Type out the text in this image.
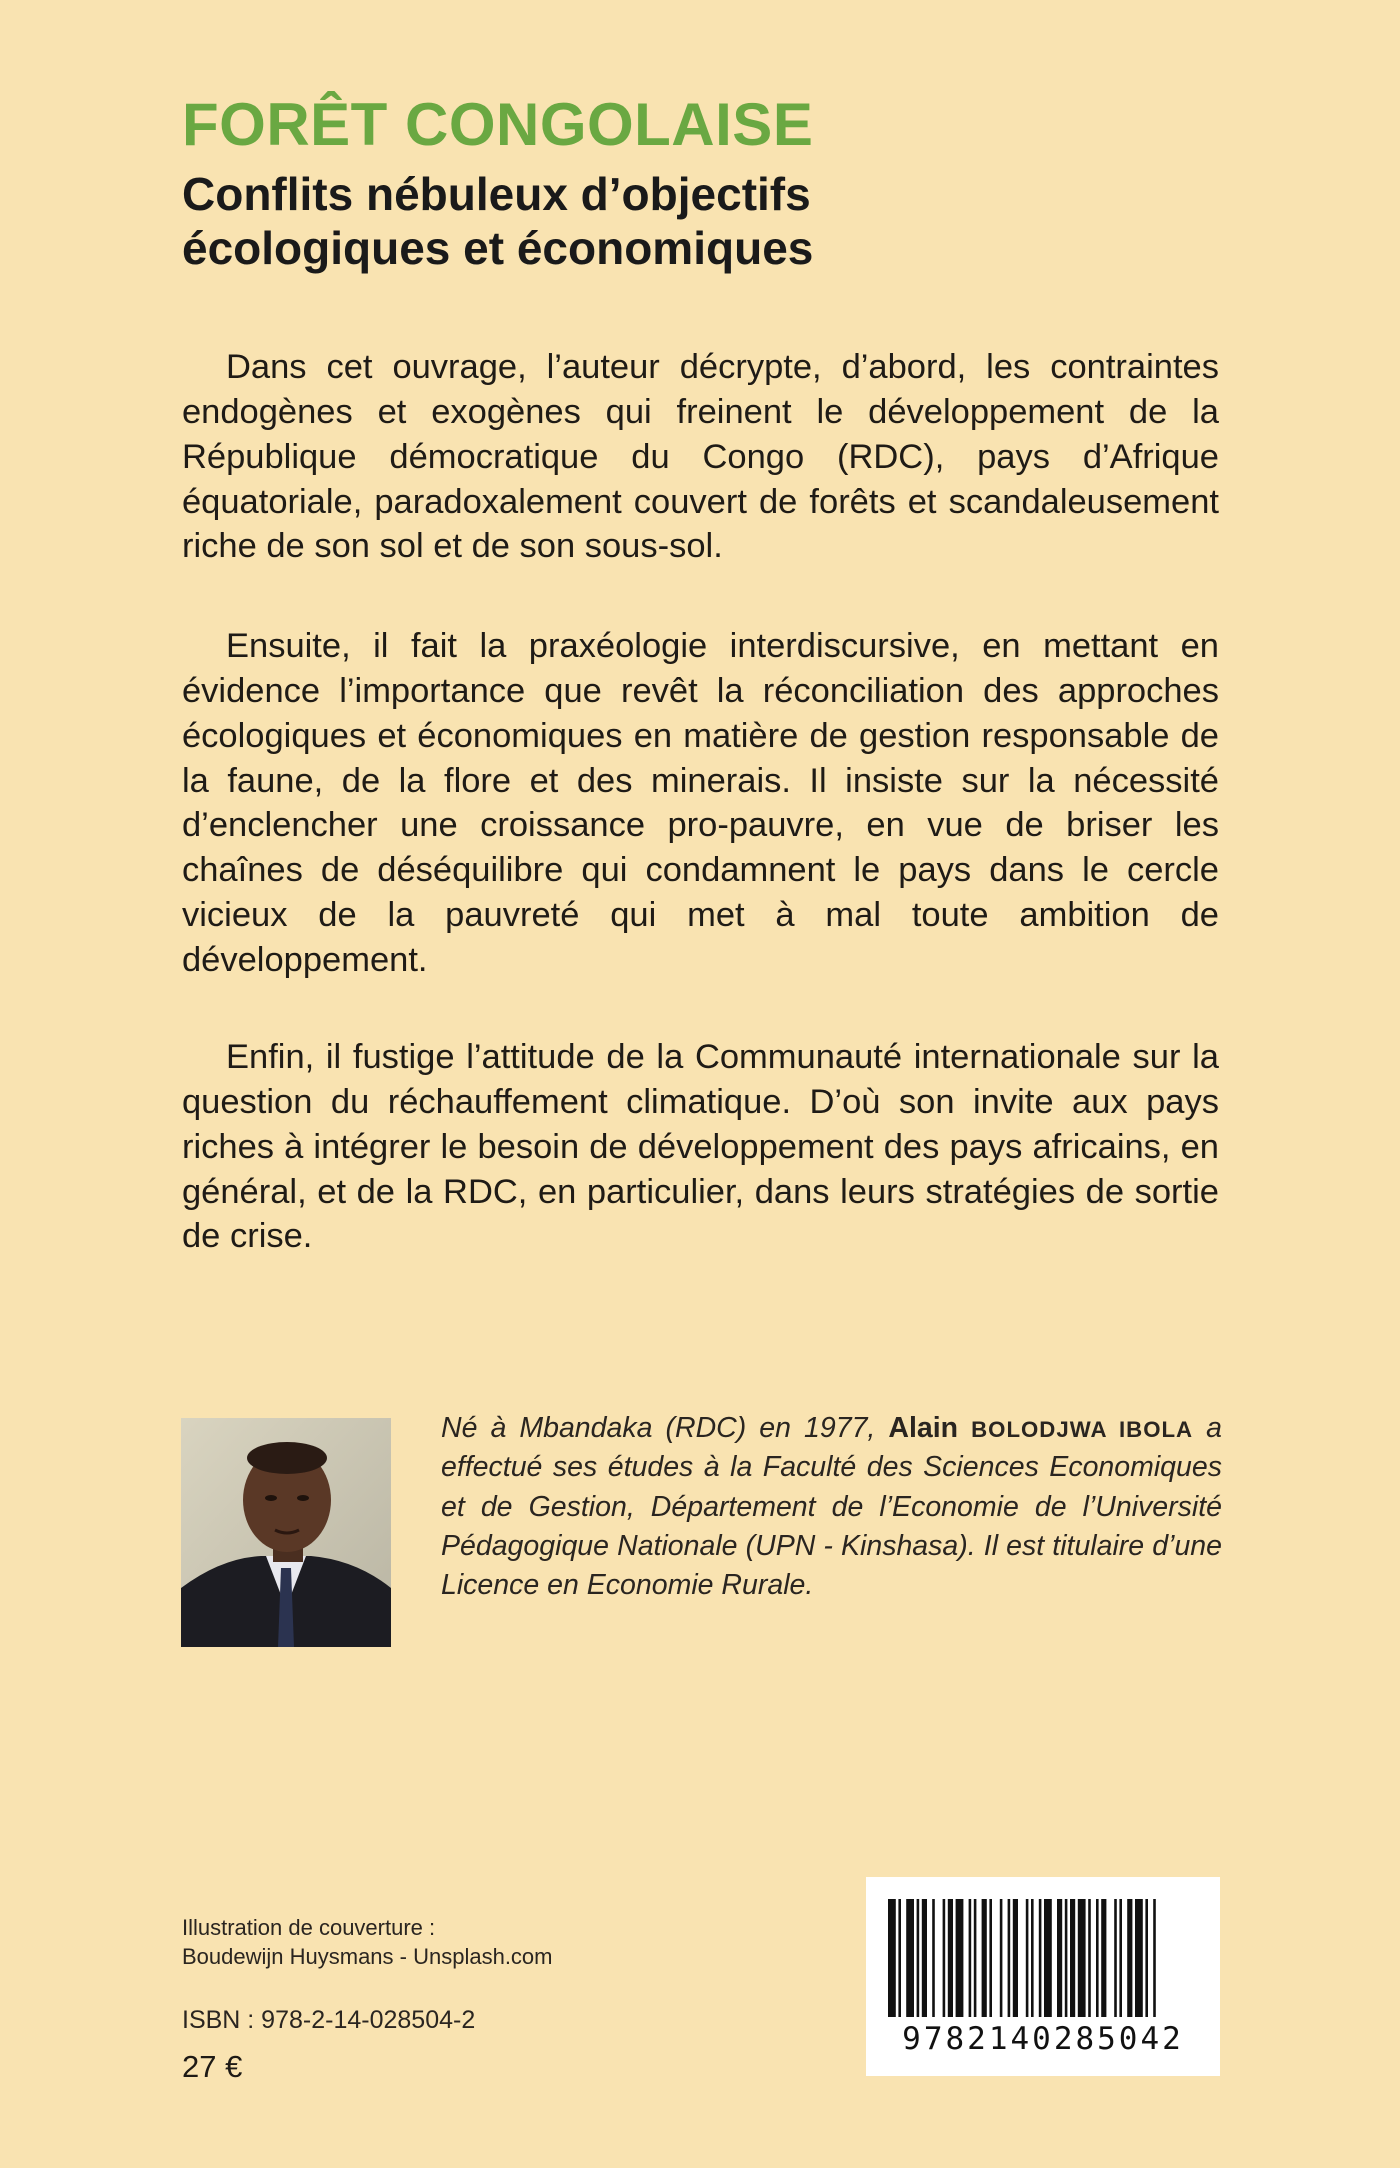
FORÊT CONGOLAISE
Conflits nébuleux d’objectifs
écologiques et économiques

Dans cet ouvrage, l’auteur décrypte, d’abord, les contraintes endogènes et exogènes qui freinent le développement de la République démocratique du Congo (RDC), pays d’Afrique équatoriale, paradoxalement couvert de forêts et scandaleusement riche de son sol et de son sous-sol.

Ensuite, il fait la praxéologie interdiscursive, en mettant en évidence l’importance que revêt la réconciliation des approches écologiques et économiques en matière de gestion responsable de la faune, de la flore et des minerais. Il insiste sur la nécessité d’enclencher une croissance pro-pauvre, en vue de briser les chaînes de déséquilibre qui condamnent le pays dans le cercle vicieux de la pauvreté qui met à mal toute ambition de développement.

Enfin, il fustige l’attitude de la Communauté internationale sur la question du réchauffement climatique. D’où son invite aux pays riches à intégrer le besoin de développement des pays africains, en général, et de la RDC, en particulier, dans leurs stratégies de sortie de crise.

Né à Mbandaka (RDC) en 1977, Alain BOLODJWA IBOLA a effectué ses études à la Faculté des Sciences Economiques et de Gestion, Département de l’Economie de l’Université Pédagogique Nationale (UPN - Kinshasa). Il est titulaire d’une Licence en Economie Rurale.

Illustration de couverture :
Boudewijn Huysmans - Unsplash.com
ISBN : 978-2-14-028504-2
27 €
9782140285042
